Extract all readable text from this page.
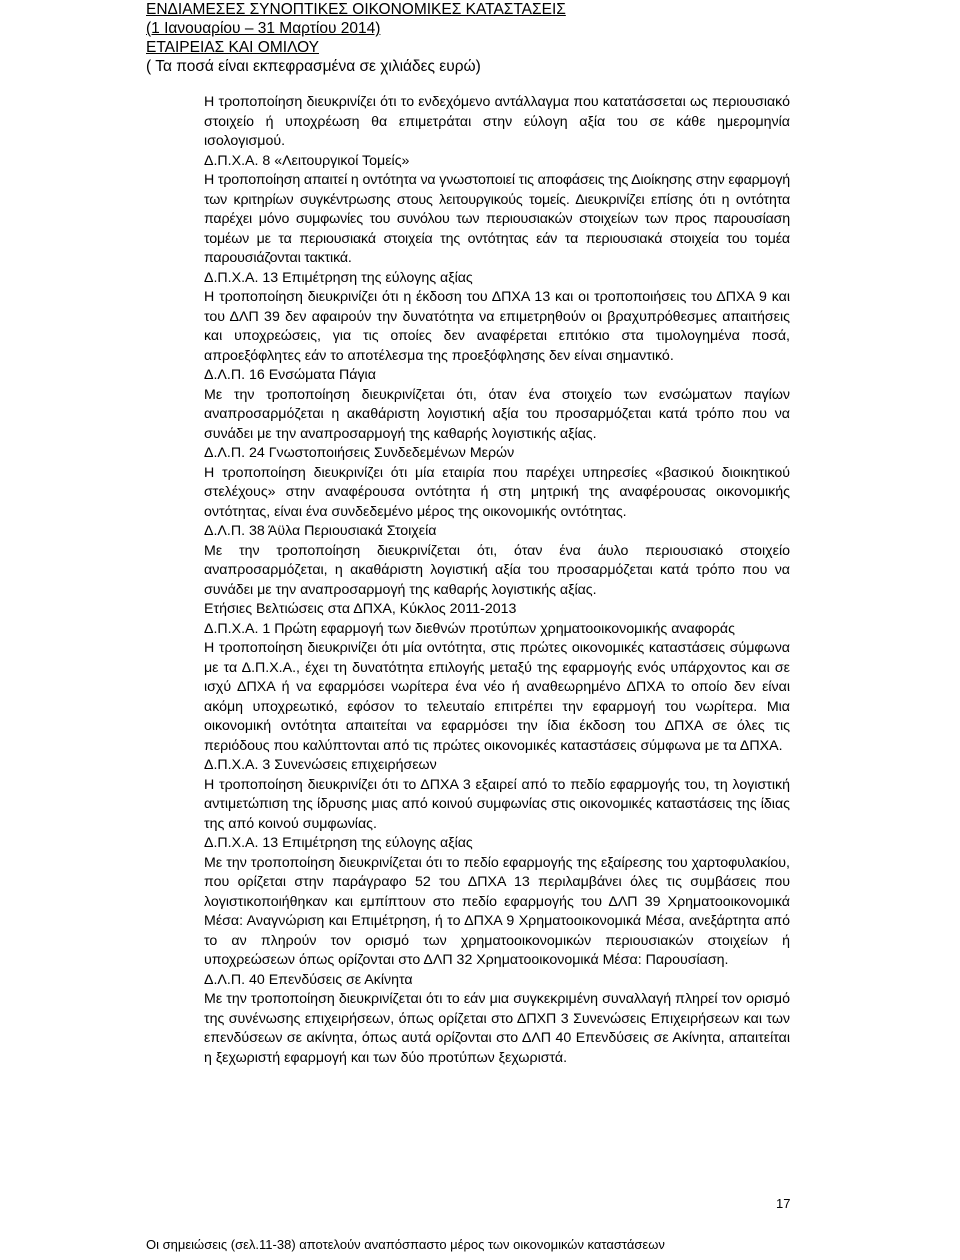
ΕΝΔΙΑΜΕΣΕΣ ΣΥΝΟΠΤΙΚΕΣ ΟΙΚΟΝΟΜΙΚΕΣ ΚΑΤΑΣΤΑΣΕΙΣ
(1 Ιανουαρίου – 31 Μαρτίου 2014)
ΕΤΑΙΡΕΙΑΣ ΚΑΙ ΟΜΙΛΟΥ
( Τα ποσά είναι εκπεφρασμένα σε χιλιάδες ευρώ)

Η τροποποίηση διευκρινίζει ότι το ενδεχόμενο αντάλλαγμα που κατατάσσεται ως περιουσιακό στοιχείο ή υποχρέωση θα επιμετράται στην εύλογη αξία του σε κάθε ημερομηνία ισολογισμού.

Δ.Π.Χ.Α. 8 «Λειτουργικοί Τομείς»

Η τροποποίηση απαιτεί η οντότητα να γνωστοποιεί τις αποφάσεις της Διοίκησης στην εφαρμογή των κριτηρίων συγκέντρωσης στους λειτουργικούς τομείς. Διευκρινίζει επίσης ότι η οντότητα παρέχει μόνο συμφωνίες του συνόλου των περιουσιακών στοιχείων των προς παρουσίαση τομέων με τα περιουσιακά στοιχεία της οντότητας εάν τα περιουσιακά στοιχεία του τομέα παρουσιάζονται τακτικά.

Δ.Π.Χ.Α. 13 Επιμέτρηση της εύλογης αξίας

Η τροποποίηση διευκρινίζει ότι η έκδοση του ΔΠΧΑ 13 και οι τροποποιήσεις του ΔΠΧΑ 9 και του ΔΛΠ 39 δεν αφαιρούν την δυνατότητα να επιμετρηθούν οι βραχυπρόθεσμες απαιτήσεις και υποχρεώσεις, για τις οποίες δεν αναφέρεται επιτόκιο στα τιμολογημένα ποσά, απροεξόφλητες εάν το αποτέλεσμα της προεξόφλησης δεν είναι σημαντικό.

Δ.Λ.Π. 16 Ενσώματα Πάγια

Με την τροποποίηση διευκρινίζεται ότι, όταν ένα στοιχείο των ενσώματων παγίων αναπροσαρμόζεται η ακαθάριστη λογιστική αξία του προσαρμόζεται κατά τρόπο που να συνάδει με την αναπροσαρμογή της καθαρής λογιστικής αξίας.

Δ.Λ.Π. 24 Γνωστοποιήσεις Συνδεδεμένων Μερών

Η τροποποίηση διευκρινίζει ότι μία εταιρία που παρέχει υπηρεσίες «βασικού διοικητικού στελέχους» στην αναφέρουσα οντότητα ή στη μητρική της αναφέρουσας οικονομικής οντότητας, είναι ένα συνδεδεμένο μέρος της οικονομικής οντότητας.

Δ.Λ.Π. 38 Άϋλα Περιουσιακά Στοιχεία

Με την τροποποίηση διευκρινίζεται ότι, όταν ένα άυλο περιουσιακό στοιχείο αναπροσαρμόζεται, η ακαθάριστη λογιστική αξία του προσαρμόζεται κατά τρόπο που να συνάδει με την αναπροσαρμογή της καθαρής λογιστικής αξίας.

Ετήσιες Βελτιώσεις στα ΔΠΧΑ, Κύκλος 2011-2013

Δ.Π.Χ.Α. 1 Πρώτη εφαρμογή των διεθνών προτύπων χρηματοοικονομικής αναφοράς

Η τροποποίηση διευκρινίζει ότι μία οντότητα, στις πρώτες οικονομικές καταστάσεις σύμφωνα με τα Δ.Π.Χ.Α., έχει τη δυνατότητα επιλογής μεταξύ της εφαρμογής ενός υπάρχοντος και σε ισχύ ΔΠΧΑ ή να εφαρμόσει νωρίτερα ένα νέο ή αναθεωρημένο ΔΠΧΑ το οποίο δεν είναι ακόμη υποχρεωτικό, εφόσον το τελευταίο επιτρέπει την εφαρμογή του νωρίτερα. Μια οικονομική οντότητα απαιτείται να εφαρμόσει την ίδια έκδοση του ΔΠΧΑ σε όλες τις περιόδους που καλύπτονται από τις πρώτες οικονομικές καταστάσεις σύμφωνα με τα ΔΠΧΑ.

Δ.Π.Χ.Α. 3 Συνενώσεις επιχειρήσεων

Η τροποποίηση διευκρινίζει ότι το ΔΠΧΑ 3 εξαιρεί από το πεδίο εφαρμογής του, τη λογιστική αντιμετώπιση της ίδρυσης μιας από κοινού συμφωνίας στις οικονομικές καταστάσεις της ίδιας της από κοινού συμφωνίας.

Δ.Π.Χ.Α. 13 Επιμέτρηση της εύλογης αξίας

Με την τροποποίηση διευκρινίζεται ότι το πεδίο εφαρμογής της εξαίρεσης του χαρτοφυλακίου, που ορίζεται στην παράγραφο 52 του ΔΠΧΑ 13 περιλαμβάνει όλες τις συμβάσεις που λογιστικοποιήθηκαν και εμπίπτουν στο πεδίο εφαρμογής του ΔΛΠ 39 Χρηματοοικονομικά Μέσα: Αναγνώριση και Επιμέτρηση, ή το ΔΠΧΑ 9 Χρηματοοικονομικά Μέσα, ανεξάρτητα από το αν πληρούν τον ορισμό των χρηματοοικονομικών περιουσιακών στοιχείων ή υποχρεώσεων όπως ορίζονται στο ΔΛΠ 32 Χρηματοοικονομικά Μέσα: Παρουσίαση.

Δ.Λ.Π. 40 Επενδύσεις σε Ακίνητα

Με την τροποποίηση διευκρινίζεται ότι το εάν μια συγκεκριμένη συναλλαγή πληρεί τον ορισμό της συνένωσης επιχειρήσεων, όπως ορίζεται στο ΔΠΧΠ 3 Συνενώσεις Επιχειρήσεων και των επενδύσεων σε ακίνητα, όπως αυτά ορίζονται στο ΔΛΠ 40 Επενδύσεις σε Ακίνητα, απαιτείται η ξεχωριστή εφαρμογή και των δύο προτύπων ξεχωριστά.

17
Οι σημειώσεις (σελ.11-38) αποτελούν αναπόσπαστο μέρος των οικονομικών καταστάσεων
